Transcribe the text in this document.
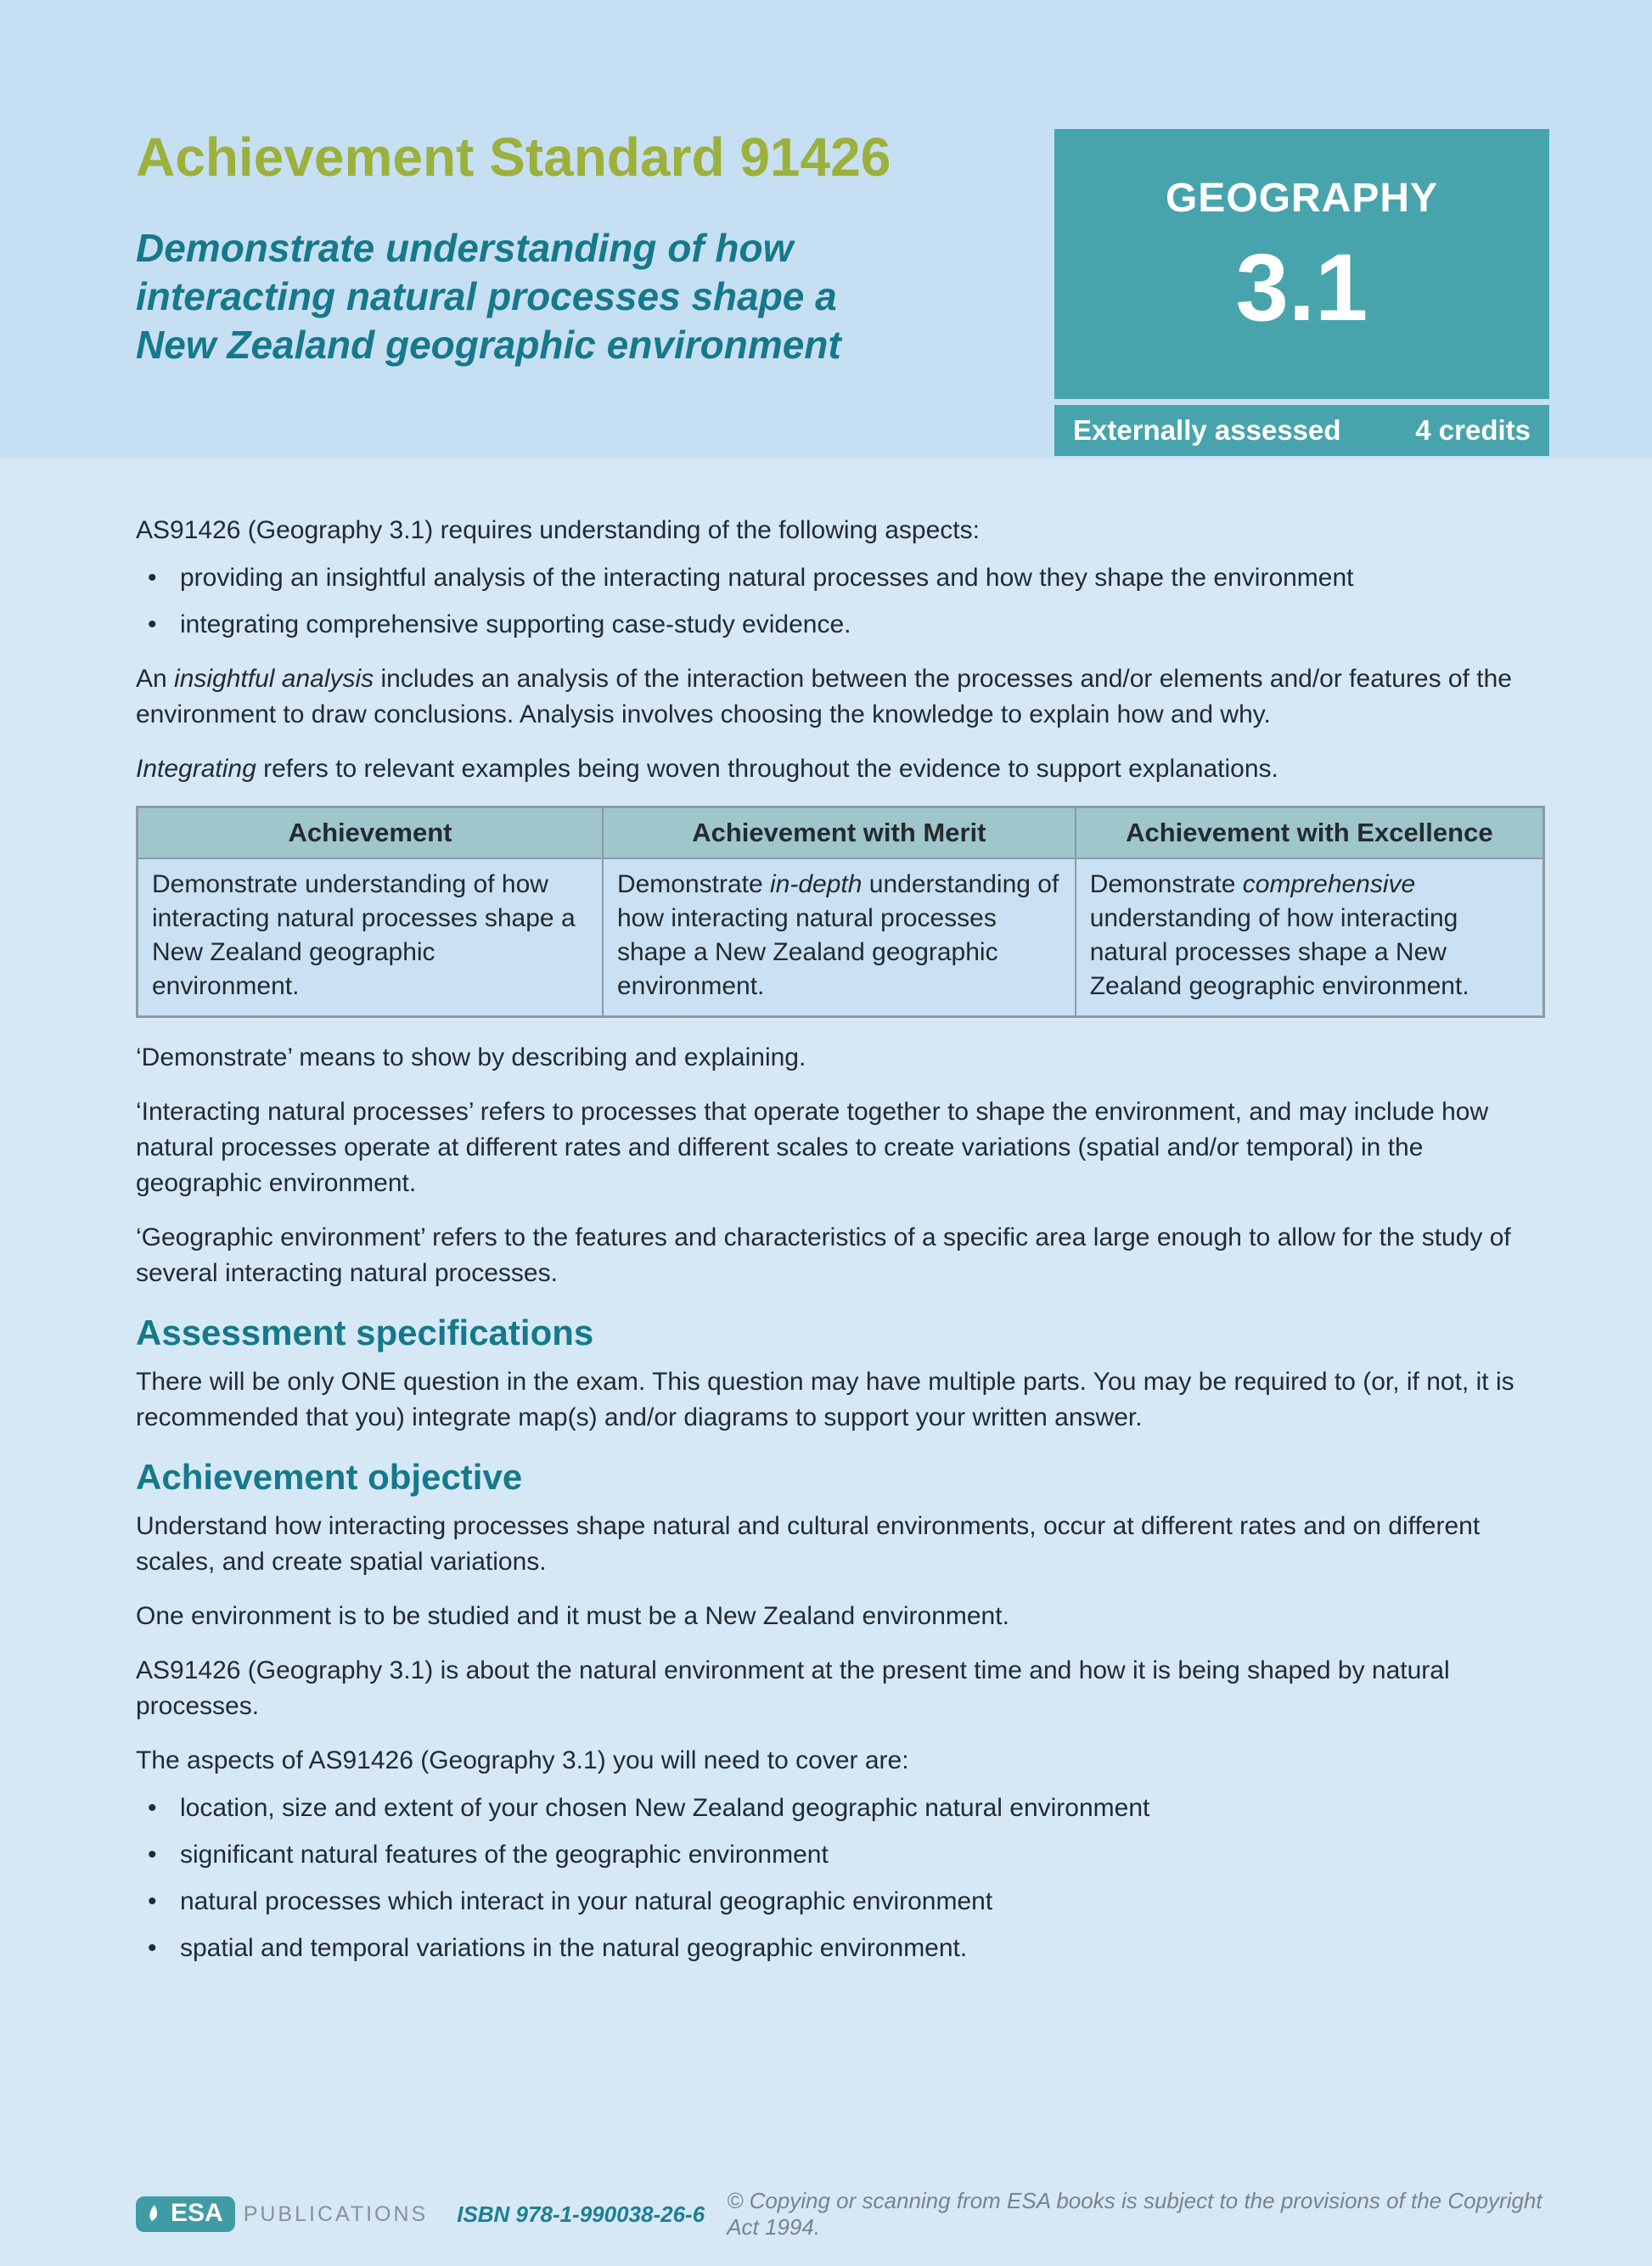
Achievement Standard 91426
Demonstrate understanding of how
interacting natural processes shape a
New Zealand geographic environment
GEOGRAPHY
3.1
Externally assessed	4 credits

AS91426 (Geography 3.1) requires understanding of the following aspects:

• providing an insightful analysis of the interacting natural processes and how they shape the environment
• integrating comprehensive supporting case-study evidence.

An insightful analysis includes an analysis of the interaction between the processes and/or elements and/or features of the environment to draw conclusions. Analysis involves choosing the knowledge to explain how and why.

Integrating refers to relevant examples being woven throughout the evidence to support explanations.

Achievement	Achievement with Merit	Achievement with Excellence
Demonstrate understanding of how interacting natural processes shape a New Zealand geographic environment.	Demonstrate in-depth understanding of how interacting natural processes shape a New Zealand geographic environment.	Demonstrate comprehensive understanding of how interacting natural processes shape a New Zealand geographic environment.

‘Demonstrate’ means to show by describing and explaining.

‘Interacting natural processes’ refers to processes that operate together to shape the environment, and may include how natural processes operate at different rates and different scales to create variations (spatial and/or temporal) in the geographic environment.

‘Geographic environment’ refers to the features and characteristics of a specific area large enough to allow for the study of several interacting natural processes.

Assessment specifications

There will be only ONE question in the exam. This question may have multiple parts. You may be required to (or, if not, it is recommended that you) integrate map(s) and/or diagrams to support your written answer.

Achievement objective

Understand how interacting processes shape natural and cultural environments, occur at different rates and on different scales, and create spatial variations.

One environment is to be studied and it must be a New Zealand environment.

AS91426 (Geography 3.1) is about the natural environment at the present time and how it is being shaped by natural processes.

The aspects of AS91426 (Geography 3.1) you will need to cover are:

• location, size and extent of your chosen New Zealand geographic natural environment
• significant natural features of the geographic environment
• natural processes which interact in your natural geographic environment
• spatial and temporal variations in the natural geographic environment.
ESA PUBLICATIONS ISBN 978-1-990038-26-6
© Copying or scanning from ESA books is subject to the provisions of the Copyright Act 1994.
